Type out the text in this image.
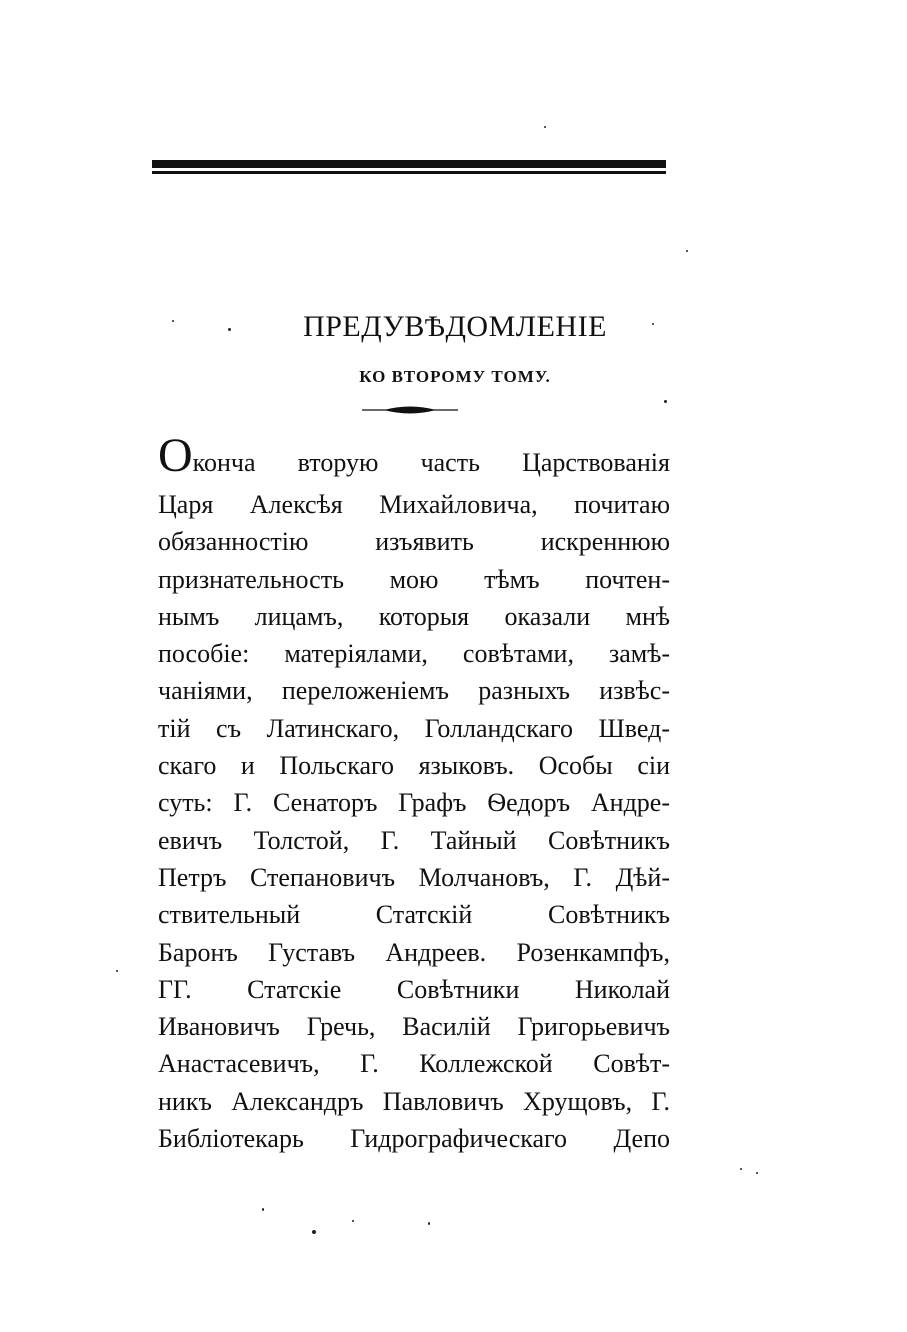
ПРЕДУВѢДОМЛЕНІЕ
КО ВТОРОМУ ТОМУ.
Окончa вторую часть Царствованія
Царя Алексѣя Михайловича, почитаю
обязанностію изъявить искреннюю
признательность мою тѣмъ почтен-
нымъ лицамъ, которыя оказали мнѣ
пособіе: матеріялами, совѣтами, замѣ-
чаніями, переложеніемъ разныхъ извѣс-
тій съ Латинскаго, Голландскаго Швед-
скаго и Польскаго языковъ. Особы сіи
суть: Г. Сенаторъ Графъ Ѳедоръ Андре-
евичъ Толстой, Г. Тайный Совѣтникъ
Петръ Степановичъ Молчановъ, Г. Дѣй-
ствительный Статскій Совѣтникъ
Баронъ Густавъ Андреев. Розенкампфъ,
ГГ. Статскіе Совѣтники Николай
Ивановичъ Гречь, Василій Григорьевичъ
Анастасевичъ, Г. Коллежской Совѣт-
никъ Александръ Павловичъ Хрущовъ, Г.
Библіотекарь Гидрографическаго Депо
